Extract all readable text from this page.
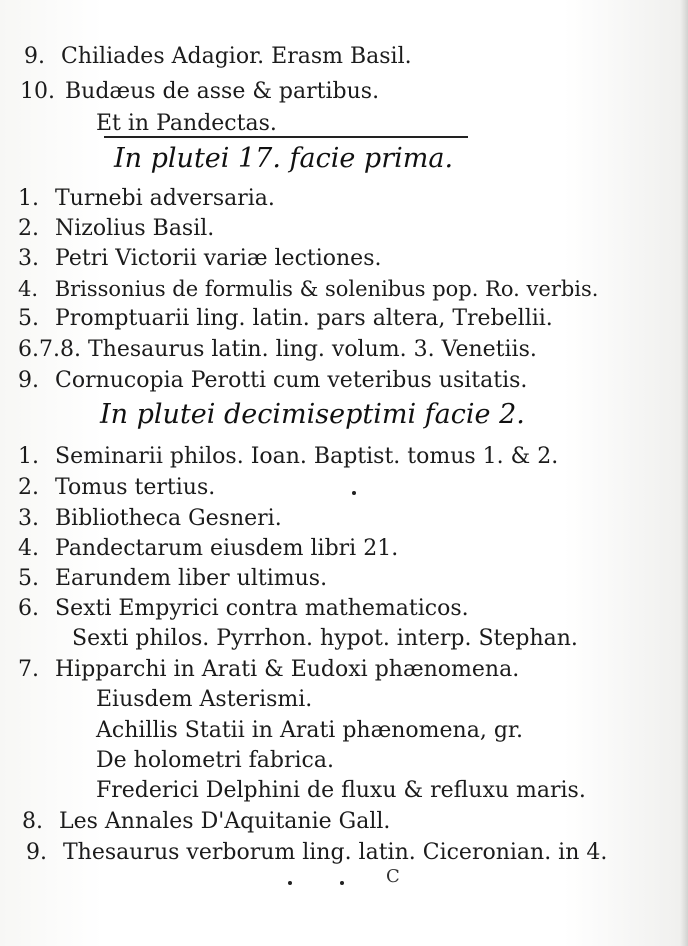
9. Chiliades Adagior. Erasm Basil.
10. Budæus de asse & partibus.
Et in Pandectas.
In plutei 17. facie prima.
1. Turnebi adversaria.
2. Nizolius Basil.
3. Petri Victorii variæ lectiones.
4. Brissonius de formulis & solenibus pop. Ro. verbis.
5. Promptuarii ling. latin. pars altera, Trebellii.
6.7.8. Thesaurus latin. ling. volum. 3. Venetiis.
9. Cornucopia Perotti cum veteribus usitatis.
In plutei decimiseptimi facie 2.
1. Seminarii philos. Ioan. Baptist. tomus 1. & 2.
2. Tomus tertius.
3. Bibliotheca Gesneri.
4. Pandectarum eiusdem libri 21.
5. Earundem liber ultimus.
6. Sexti Empyrici contra mathematicos.
Sexti philos. Pyrrhon. hypot. interp. Stephan.
7. Hipparchi in Arati & Eudoxi phænomena.
Eiusdem Asterismi.
Achillis Statii in Arati phænomena, gr.
De holometri fabrica.
Frederici Delphini de fluxu & refluxu maris.
8. Les Annales D'Aquitanie Gall.
9. Thesaurus verborum ling. latin. Ciceronian. in 4.
C
